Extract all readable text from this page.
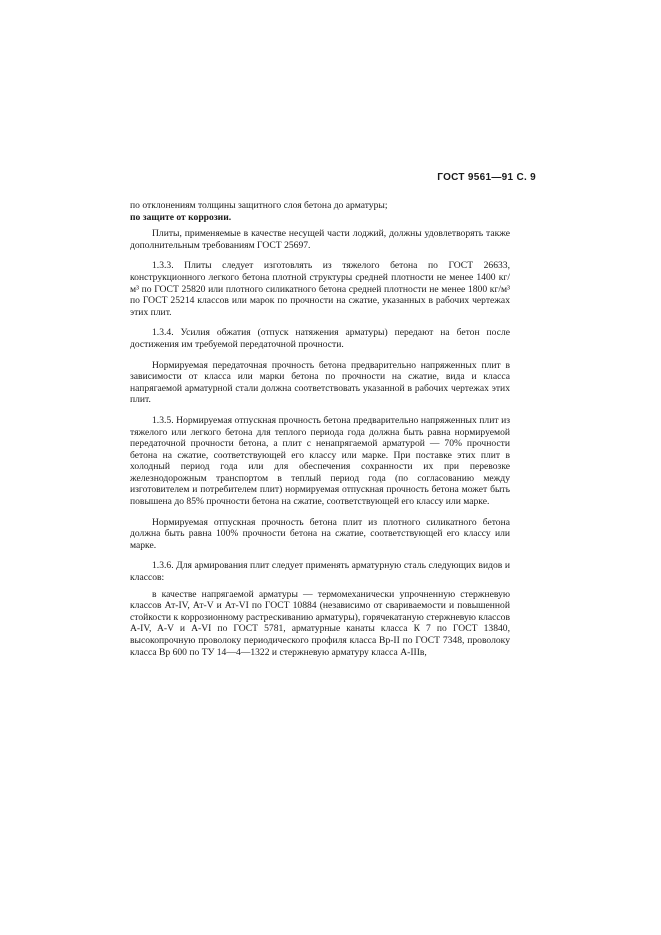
ГОСТ 9561—91 С. 9

по отклонениям толщины защитного слоя бетона до арматуры;

по защите от коррозии.

Плиты, применяемые в качестве несущей части лоджий, должны удовлетворять также дополнительным требованиям ГОСТ 25697.

1.3.3. Плиты следует изготовлять из тяжелого бетона по ГОСТ 26633, конструкционного легкого бетона плотной структуры средней плотности не менее 1400 кг/м³ по ГОСТ 25820 или плотного силикатного бетона средней плотности не менее 1800 кг/м³ по ГОСТ 25214 классов или марок по прочности на сжатие, указанных в рабочих чертежах этих плит.

1.3.4. Усилия обжатия (отпуск натяжения арматуры) передают на бетон после достижения им требуемой передаточной прочности.

Нормируемая передаточная прочность бетона предварительно напряженных плит в зависимости от класса или марки бетона по прочности на сжатие, вида и класса напрягаемой арматурной стали должна соответствовать указанной в рабочих чертежах этих плит.

1.3.5. Нормируемая отпускная прочность бетона предварительно напряженных плит из тяжелого или легкого бетона для теплого периода года должна быть равна нормируемой передаточной прочности бетона, а плит с ненапрягаемой арматурой — 70% прочности бетона на сжатие, соответствующей его классу или марке. При поставке этих плит в холодный период года или для обеспечения сохранности их при перевозке железнодорожным транспортом в теплый период года (по согласованию между изготовителем и потребителем плит) нормируемая отпускная прочность бетона может быть повышена до 85% прочности бетона на сжатие, соответствующей его классу или марке.

Нормируемая отпускная прочность бетона плит из плотного силикатного бетона должна быть равна 100% прочности бетона на сжатие, соответствующей его классу или марке.

1.3.6. Для армирования плит следует применять арматурную сталь следующих видов и классов:

в качестве напрягаемой арматуры — термомеханически упрочненную стержневую классов Ат-IV, Ат-V и Ат-VI по ГОСТ 10884 (независимо от свариваемости и повышенной стойкости к коррозионному растрескиванию арматуры), горячекатаную стержневую классов A-IV, A-V и A-VI по ГОСТ 5781, арматурные канаты класса К 7 по ГОСТ 13840, высокопрочную проволоку периодического профиля класса Вр-II по ГОСТ 7348, проволоку класса Вр 600 по ТУ 14—4—1322 и стержневую арматуру класса А-IIIв,
